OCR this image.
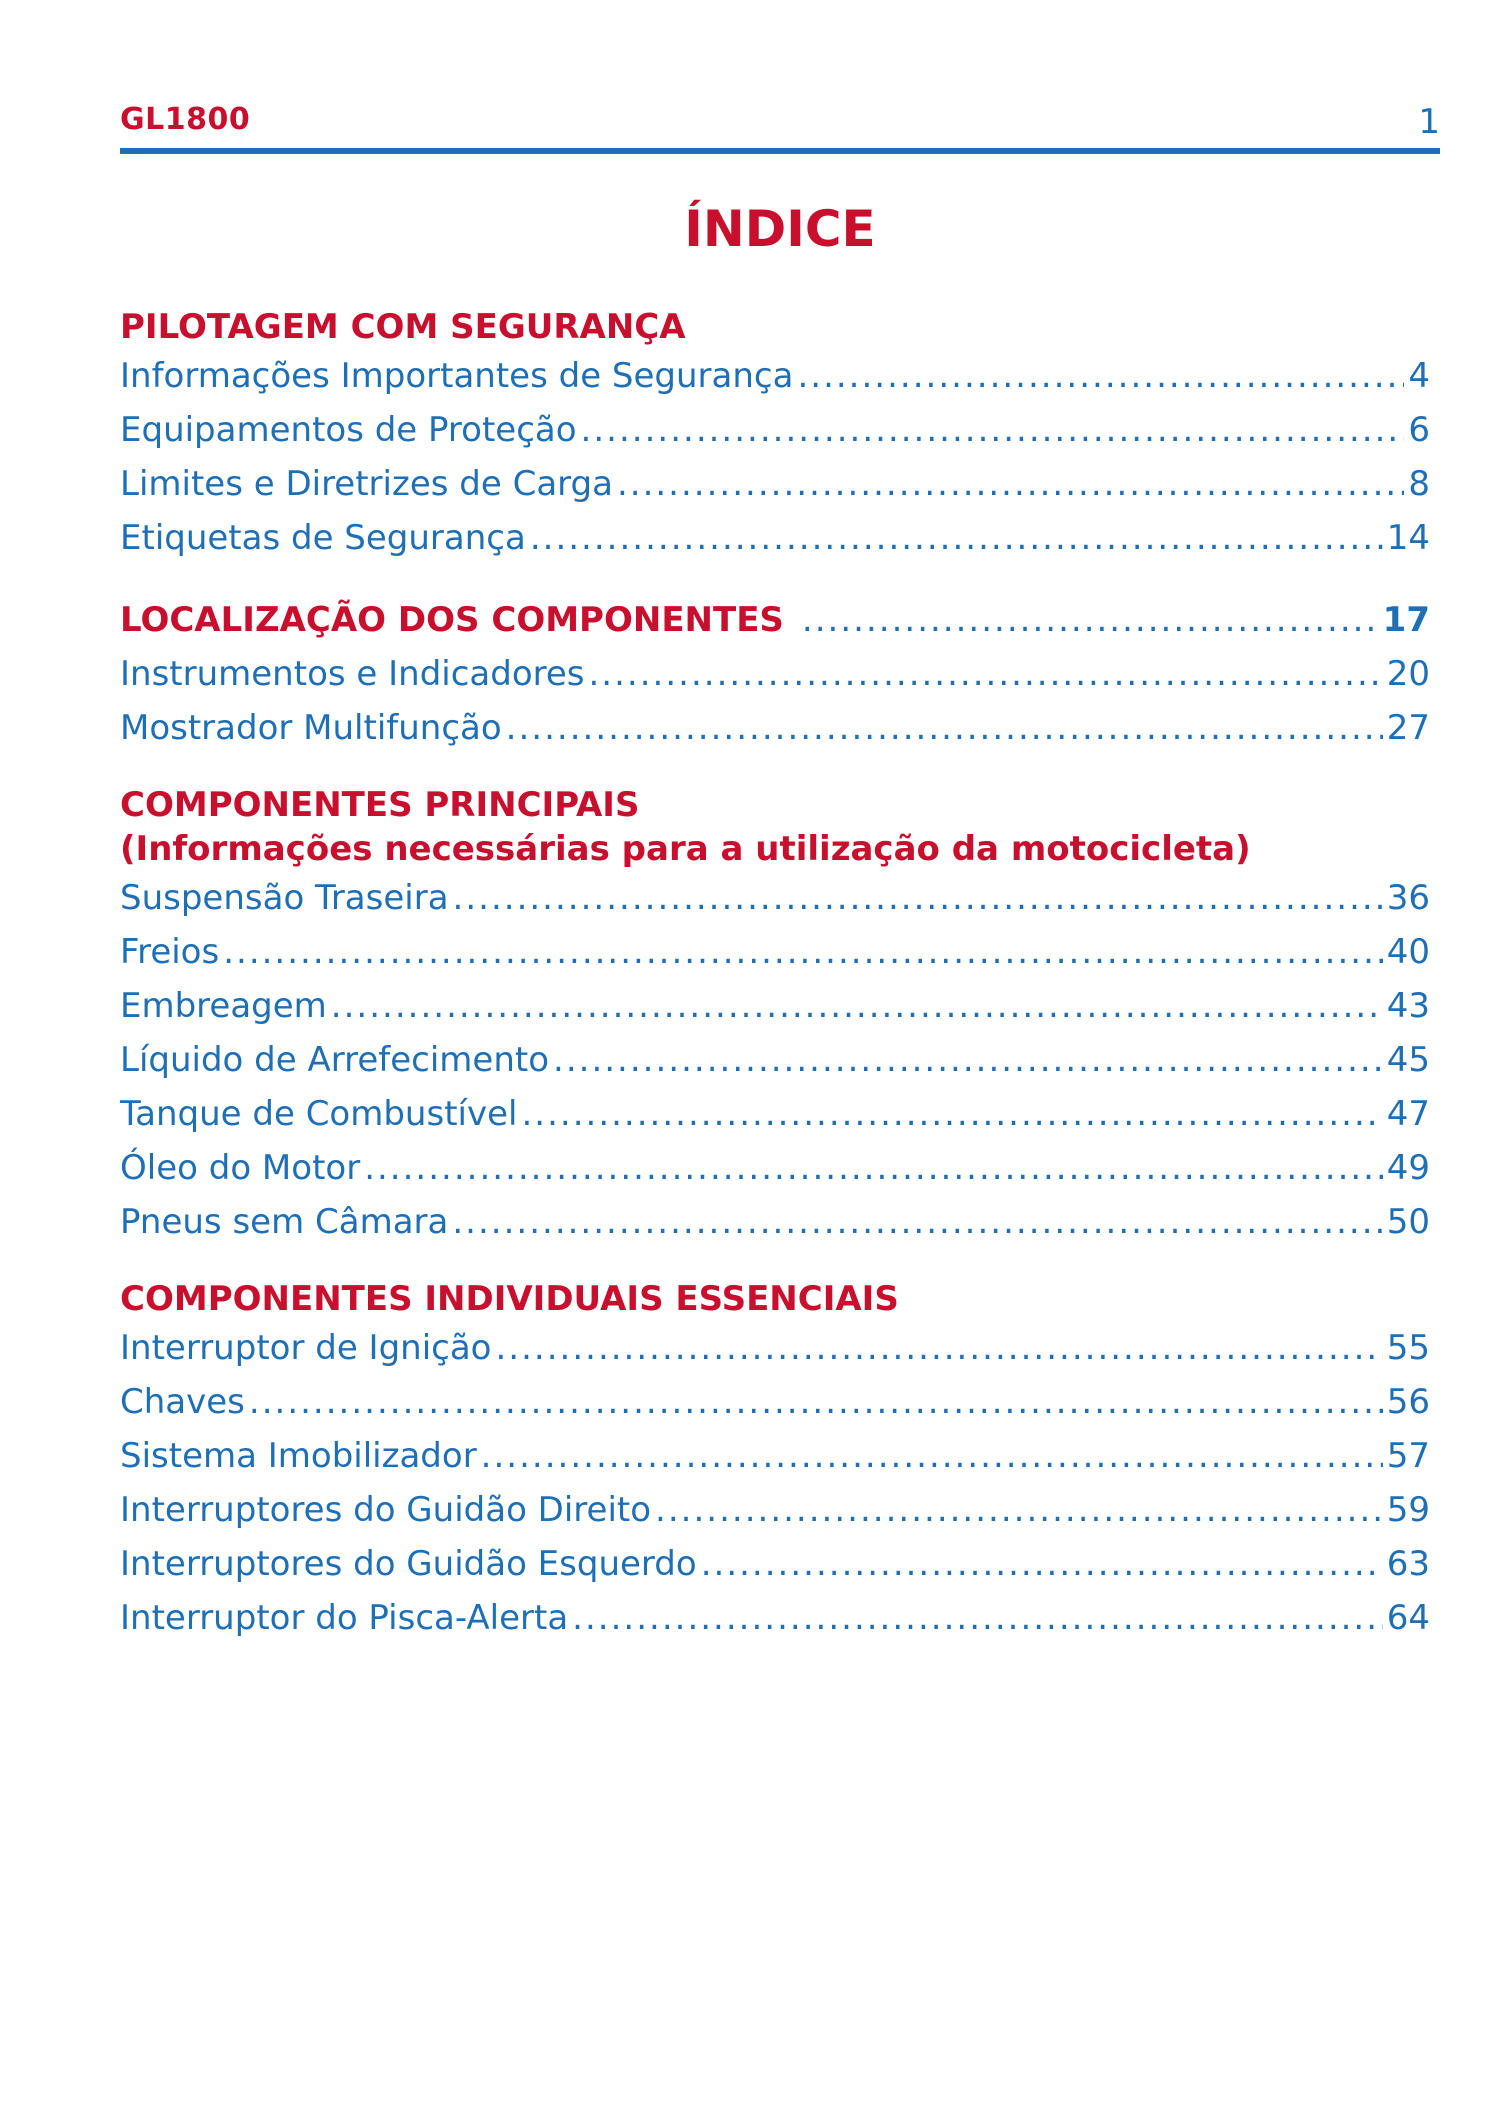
GL1800	1
ÍNDICE
PILOTAGEM COM SEGURANÇA
Informações Importantes de Segurança .....	4
Equipamentos de Proteção .....	6
Limites e Diretrizes de Carga .....	8
Etiquetas de Segurança .....	14
LOCALIZAÇÃO DOS COMPONENTES .....	17
Instrumentos e Indicadores .....	20
Mostrador Multifunção .....	27
COMPONENTES PRINCIPAIS
(Informações necessárias para a utilização da motocicleta)
Suspensão Traseira .....	36
Freios .....	40
Embreagem .....	43
Líquido de Arrefecimento .....	45
Tanque de Combustível .....	47
Óleo do Motor .....	49
Pneus sem Câmara .....	50
COMPONENTES INDIVIDUAIS ESSENCIAIS
Interruptor de Ignição .....	55
Chaves .....	56
Sistema Imobilizador .....	57
Interruptores do Guidão Direito .....	59
Interruptores do Guidão Esquerdo .....	63
Interruptor do Pisca-Alerta .....	64
